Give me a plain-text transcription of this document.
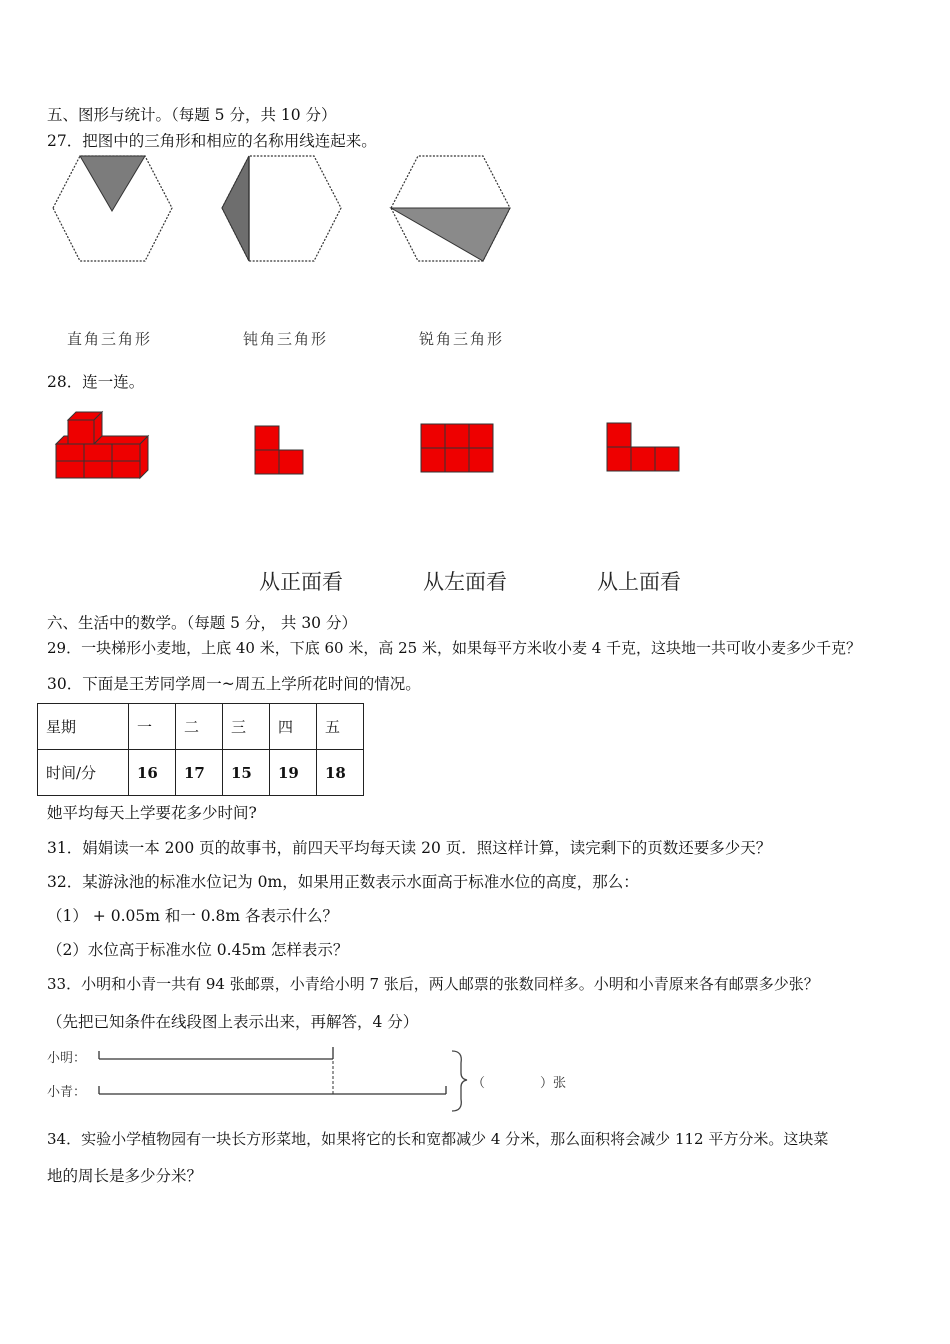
五、图形与统计。（每题 5 分，共 10 分）
27．把图中的三角形和相应的名称用线连起来。
直角三角形	钝角三角形	锐角三角形
28．连一连。
从正面看	从左面看	从上面看
六、生活中的数学。（每题 5 分， 共 30 分）
29．一块梯形小麦地，上底 40 米，下底 60 米，高 25 米，如果每平方米收小麦 4 千克，这块地一共可收小麦多少千克？
30．下面是王芳同学周一~周五上学所花时间的情况。
星期	一	二	三	四	五
时间/分	16	17	15	19	18
她平均每天上学要花多少时间?
31．娟娟读一本 200 页的故事书，前四天平均每天读 20 页．照这样计算，读完剩下的页数还要多少天？
32．某游泳池的标准水位记为 0m，如果用正数表示水面高于标准水位的高度，那么：
（1） + 0.05m 和一 0.8m 各表示什么？
（2）水位高于标准水位 0.45m 怎样表示？
33．小明和小青一共有 94 张邮票，小青给小明 7 张后，两人邮票的张数同样多。小明和小青原来各有邮票多少张？
（先把已知条件在线段图上表示出来，再解答，4 分）
小明：
小青：
（	）张
34．实验小学植物园有一块长方形菜地，如果将它的长和宽都减少 4 分米，那么面积将会减少 112 平方分米。这块菜
地的周长是多少分米？
